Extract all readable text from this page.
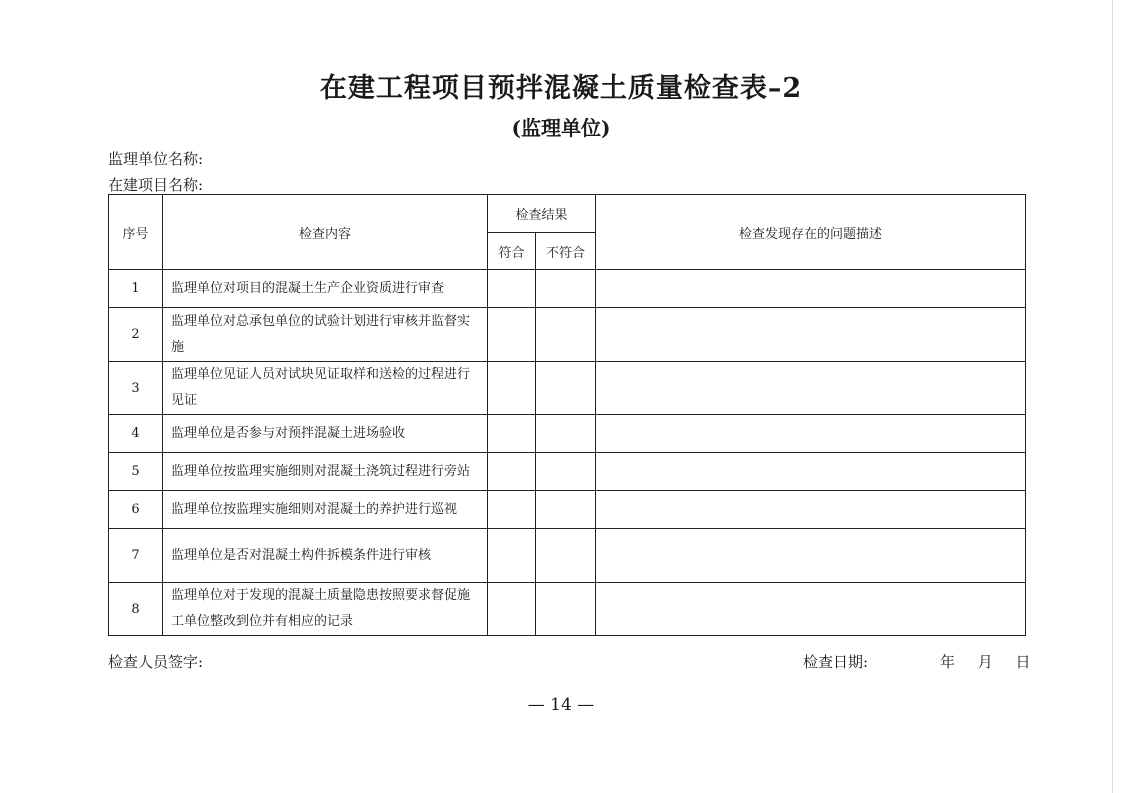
在建工程项目预拌混凝土质量检查表–2
(监理单位)
监理单位名称:
在建项目名称:
序号	检查内容	检查结果		检查发现存在的问题描述
		符合	不符合	
1	监理单位对项目的混凝土生产企业资质进行审查			
2	监理单位对总承包单位的试验计划进行审核并监督实施			
3	监理单位见证人员对试块见证取样和送检的过程进行见证			
4	监理单位是否参与对预拌混凝土进场验收			
5	监理单位按监理实施细则对混凝土浇筑过程进行旁站			
6	监理单位按监理实施细则对混凝土的养护进行巡视			
7	监理单位是否对混凝土构件拆模条件进行审核			
8	监理单位对于发现的混凝土质量隐患按照要求督促施工单位整改到位并有相应的记录			
检查人员签字:	检查日期:	年 月 日
— 14 —
